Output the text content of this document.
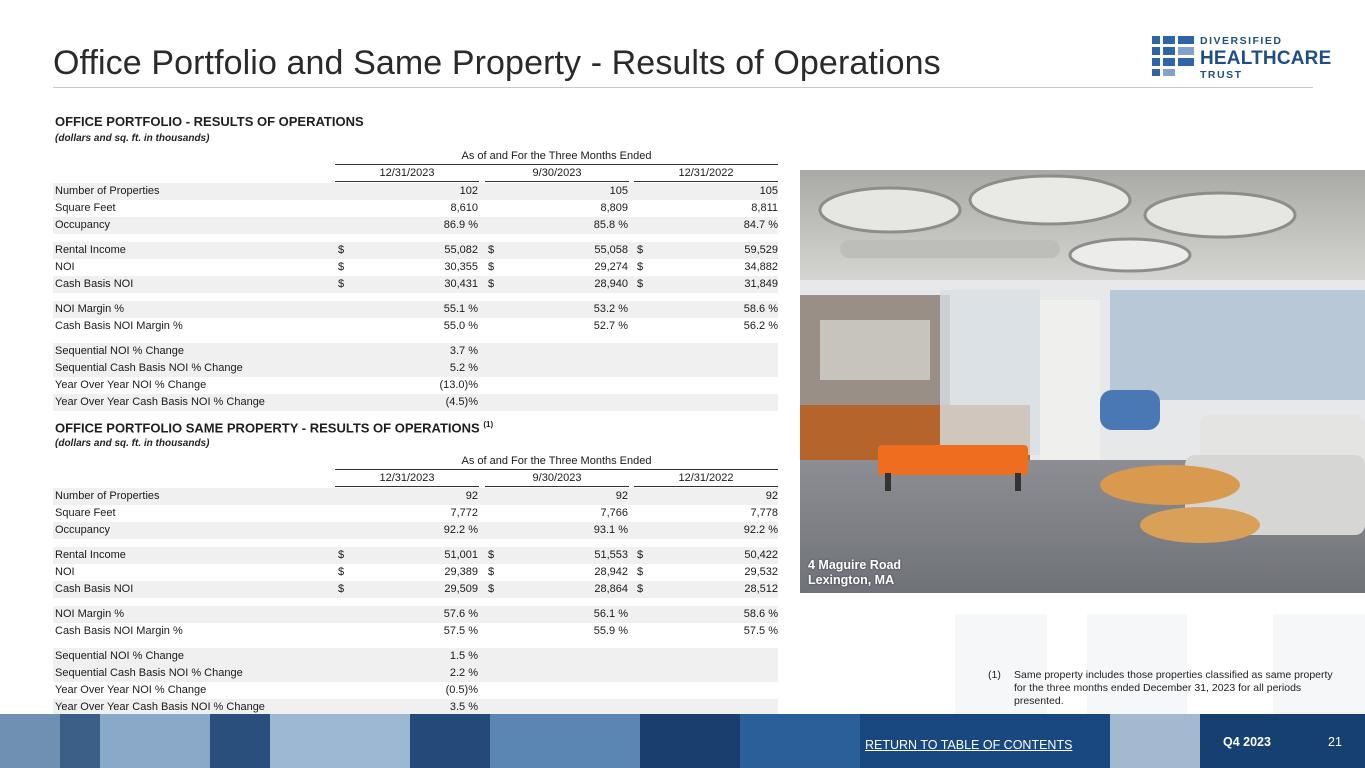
Office Portfolio and Same Property - Results of Operations
DIVERSIFIED
HEALTHCARE
TRUST
OFFICE PORTFOLIO - RESULTS OF OPERATIONS
(dollars and sq. ft. in thousands)
As of and For the Three Months Ended
12/31/2023	9/30/2023	12/31/2022
Number of Properties	102	105	105
Square Feet	8,610	8,809	8,811
Occupancy	86.9 %	85.8 %	84.7 %
Rental Income	$	55,082 $	55,058 $	59,529
NOI	$	30,355 $	29,274 $	34,882
Cash Basis NOI	$	30,431 $	28,940 $	31,849
NOI Margin %	55.1 %	53.2 %	58.6 %
Cash Basis NOI Margin %	55.0 %	52.7 %	56.2 %
Sequential NOI % Change	3.7 %
Sequential Cash Basis NOI % Change	5.2 %
Year Over Year NOI % Change	(13.0)%
Year Over Year Cash Basis NOI % Change	(4.5)%
OFFICE PORTFOLIO SAME PROPERTY - RESULTS OF OPERATIONS $^{(1)}$
(dollars and sq. ft. in thousands)
As of and For the Three Months Ended
12/31/2023	9/30/2023	12/31/2022
Number of Properties	92	92	92
Square Feet	7,772	7,766	7,778
Occupancy	92.2 %	93.1 %	92.2 %
Rental Income	$	51,001 $	51,553 $	50,422
NOI	$	29,389 $	28,942 $	29,532
Cash Basis NOI	$	29,509 $	28,864 $	28,512
NOI Margin %	57.6 %	56.1 %	58.6 %
Cash Basis NOI Margin %	57.5 %	55.9 %	57.5 %
Sequential NOI % Change	1.5 %
Sequential Cash Basis NOI % Change	2.2 %
Year Over Year NOI % Change	(0.5)%
Year Over Year Cash Basis NOI % Change	3.5 %
4 Maguire Road
Lexington, MA
(1) Same property includes those properties classified as same property for the three months ended December 31, 2023 for all periods presented.
RETURN TO TABLE OF CONTENTS	Q4 2023	21
